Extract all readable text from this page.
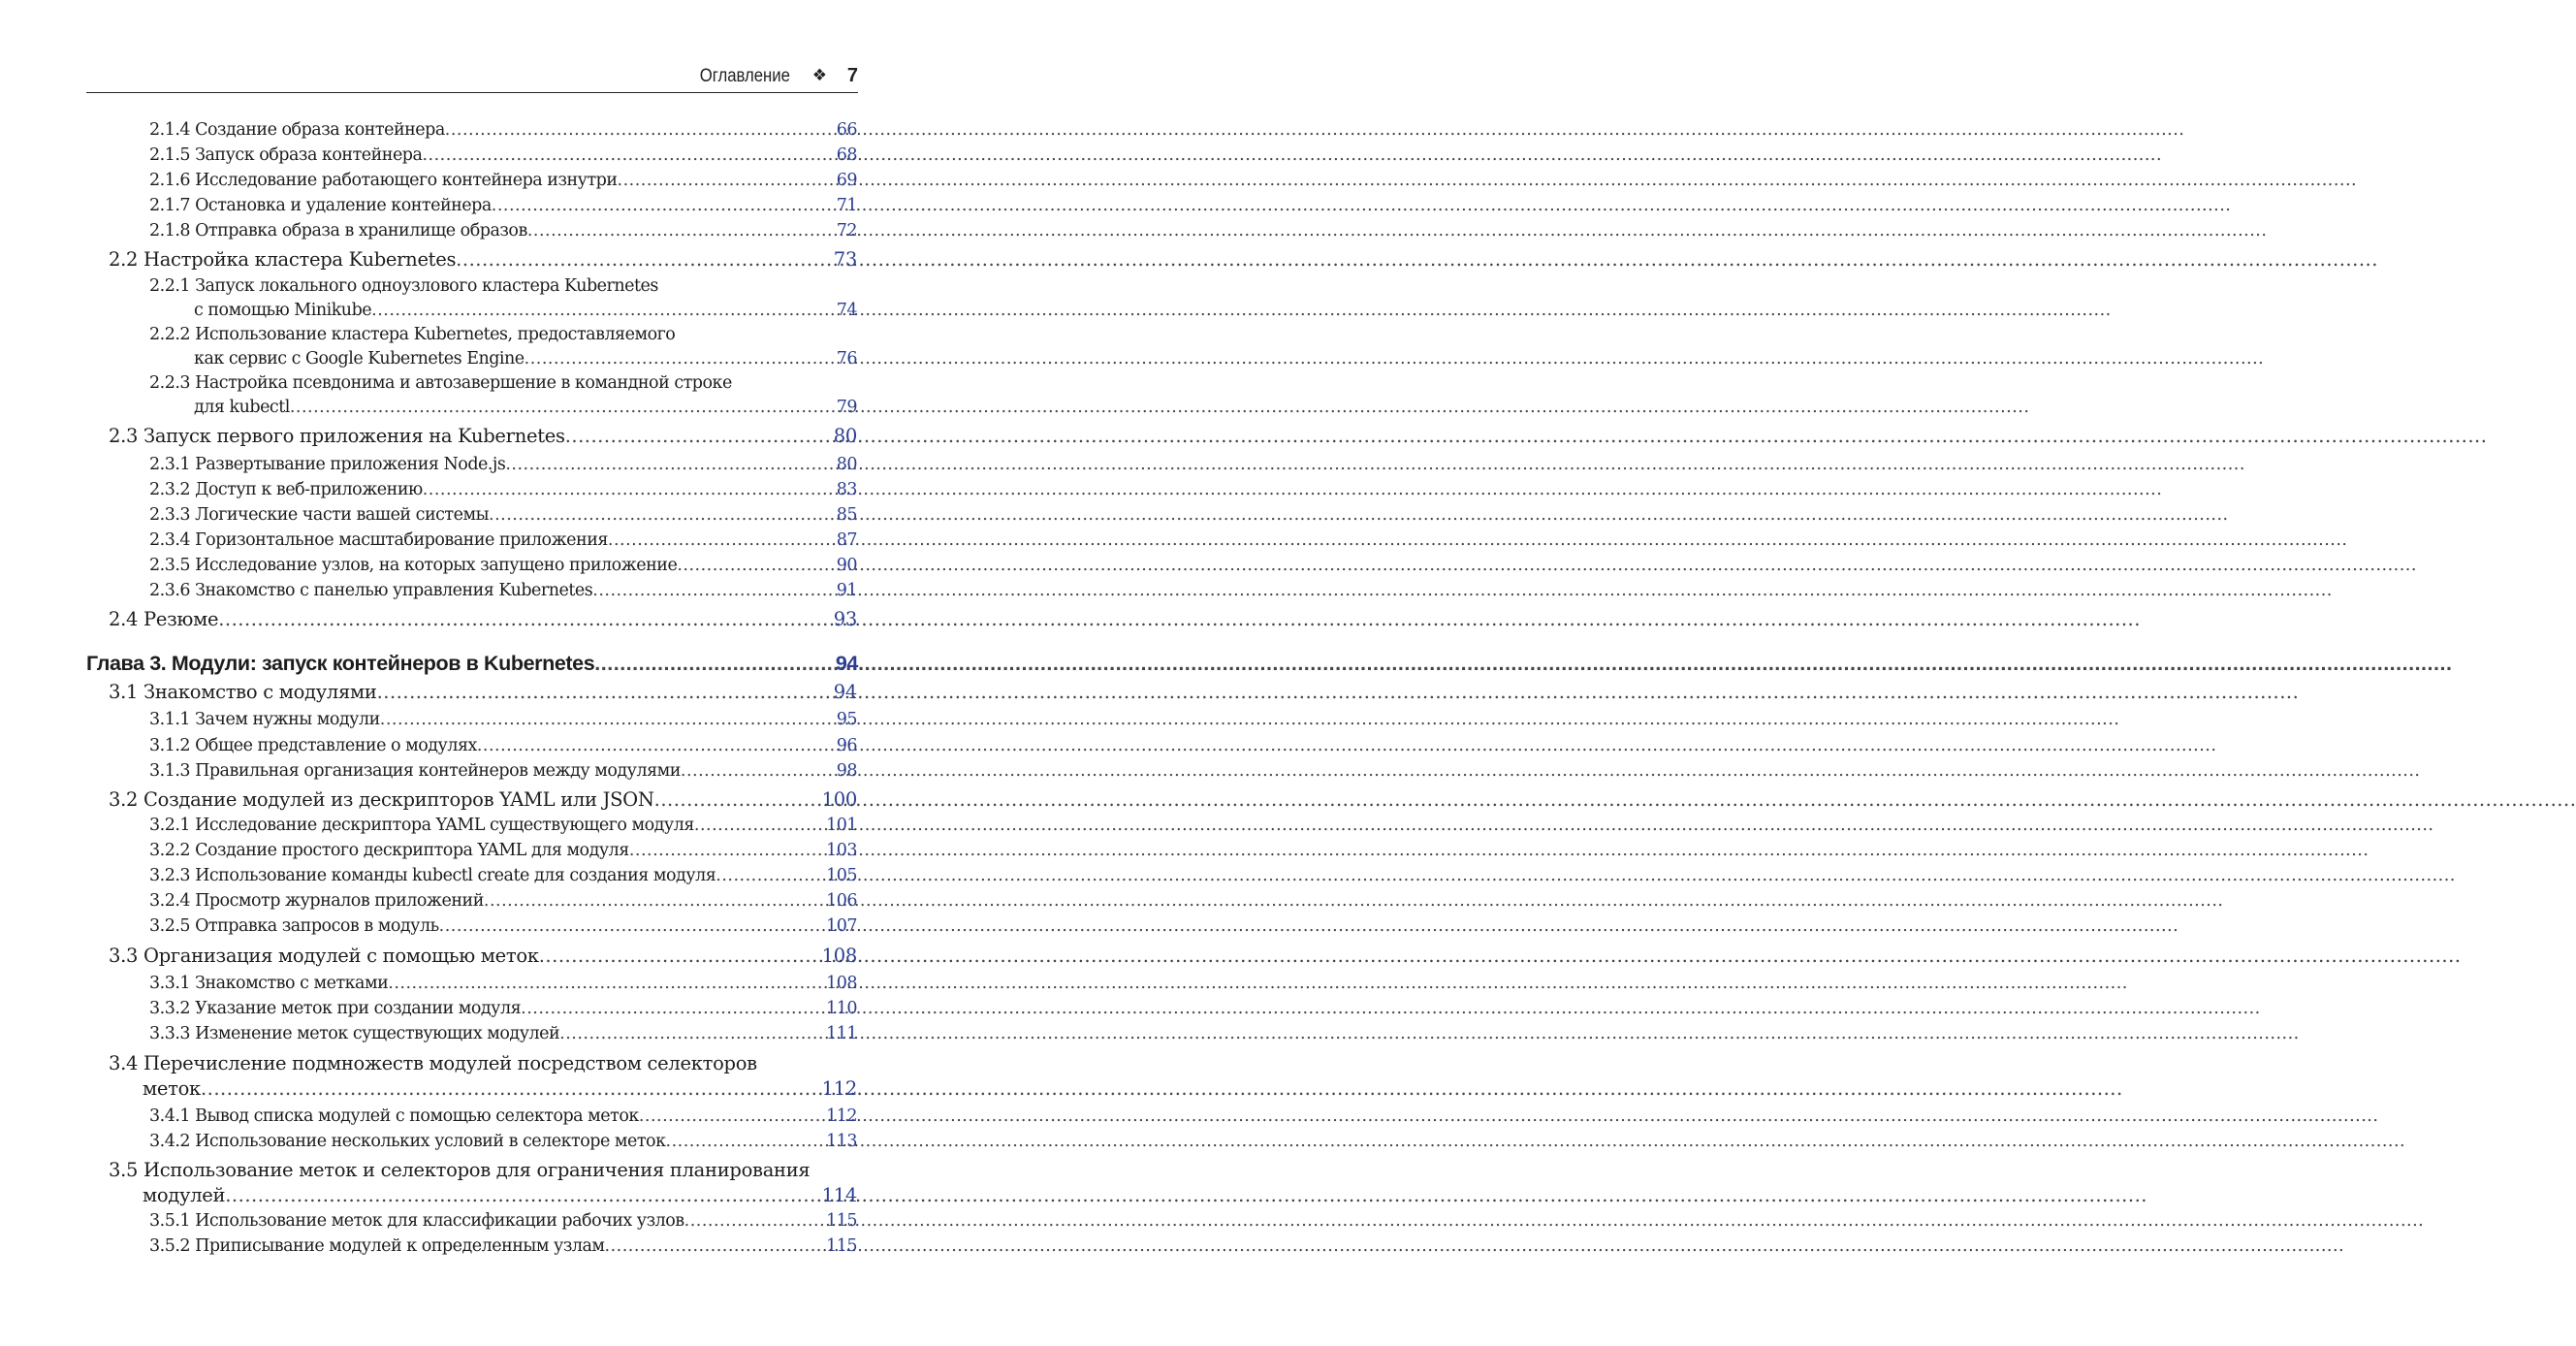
Оглавление ❖ 7
2.1.4 Создание образа контейнера .....	66
2.1.5 Запуск образа контейнера .....	68
2.1.6 Исследование работающего контейнера изнутри .....	69
2.1.7 Остановка и удаление контейнера .....	71
2.1.8 Отправка образа в хранилище образов .....	72
2.2 Настройка кластера Kubernetes .....	73
2.2.1 Запуск локального одноузлового кластера Kubernetes
с помощью Minikube .....	74
2.2.2 Использование кластера Kubernetes, предоставляемого
как сервис с Google Kubernetes Engine .....	76
2.2.3 Настройка псевдонима и автозавершение в командной строке
для kubectl .....	79
2.3 Запуск первого приложения на Kubernetes .....	80
2.3.1 Развертывание приложения Node.js .....	80
2.3.2 Доступ к веб-приложению .....	83
2.3.3 Логические части вашей системы .....	85
2.3.4 Горизонтальное масштабирование приложения .....	87
2.3.5 Исследование узлов, на которых запущено приложение .....	90
2.3.6 Знакомство с панелью управления Kubernetes .....	91
2.4 Резюме .....	93
Глава 3. Модули: запуск контейнеров в Kubernetes .....	94
3.1 Знакомство с модулями .....	94
3.1.1 Зачем нужны модули .....	95
3.1.2 Общее представление о модулях .....	96
3.1.3 Правильная организация контейнеров между модулями .....	98
3.2 Создание модулей из дескрипторов YAML или JSON .....	100
3.2.1 Исследование дескриптора YAML существующего модуля .....	101
3.2.2 Создание простого дескриптора YAML для модуля .....	103
3.2.3 Использование команды kubectl create для создания модуля .....	105
3.2.4 Просмотр журналов приложений .....	106
3.2.5 Отправка запросов в модуль .....	107
3.3 Организация модулей с помощью меток .....	108
3.3.1 Знакомство с метками .....	108
3.3.2 Указание меток при создании модуля .....	110
3.3.3 Изменение меток существующих модулей .....	111
3.4 Перечисление подмножеств модулей посредством селекторов
меток .....	112
3.4.1 Вывод списка модулей с помощью селектора меток .....	112
3.4.2 Использование нескольких условий в селекторе меток .....	113
3.5 Использование меток и селекторов для ограничения планирования
модулей .....	114
3.5.1 Использование меток для классификации рабочих узлов .....	115
3.5.2 Приписывание модулей к определенным узлам .....	115
